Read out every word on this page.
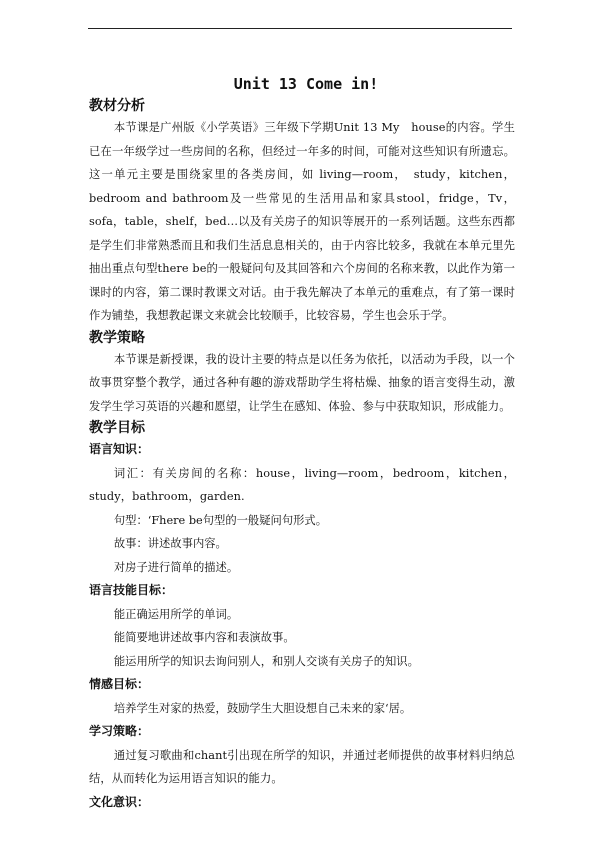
Unit 13 Come in!
教材分析

本节课是广州版《小学英语》三年级下学期Unit 13 My　house的内容。学生已在一年级学过一些房间的名称，但经过一年多的时间，可能对这些知识有所遗忘。这一单元主要是围绕家里的各类房间，如 living—room，　study，kitchen，bedroom and bathroom及一些常见的生活用品和家具stool，fridge，Tv，sofa，table，shelf，bed…以及有关房子的知识等展开的一系列话题。这些东西都是学生们非常熟悉而且和我们生活息息相关的，由于内容比较多，我就在本单元里先抽出重点句型there be的一般疑问句及其回答和六个房间的名称来教，以此作为第一课时的内容，第二课时教课文对话。由于我先解决了本单元的重难点，有了第一课时作为铺垫，我想教起课文来就会比较顺手，比较容易，学生也会乐于学。

教学策略

本节课是新授课，我的设计主要的特点是以任务为依托，以活动为手段，以一个故事贯穿整个教学，通过各种有趣的游戏帮助学生将枯燥、抽象的语言变得生动，激发学生学习英语的兴趣和愿望，让学生在感知、体验、参与中获取知识，形成能力。

教学目标
语言知识：

词汇：有关房间的名称：house，living—room，bedroom，kitchen，study，bathroom，garden.

句型：‘Fhere be句型的一般疑问句形式。

故事：讲述故事内容。

对房子进行简单的描述。

语言技能目标：

能正确运用所学的单词。

能简要地讲述故事内容和表演故事。

能运用所学的知识去询问别人，和别人交谈有关房子的知识。

情感目标：

培养学生对家的热爱，鼓励学生大胆设想自己未来的家‘居。

学习策略：

通过复习歌曲和chant引出现在所学的知识，并通过老师提供的故事材料归纳总结，从而转化为运用语言知识的能力。

文化意识：
